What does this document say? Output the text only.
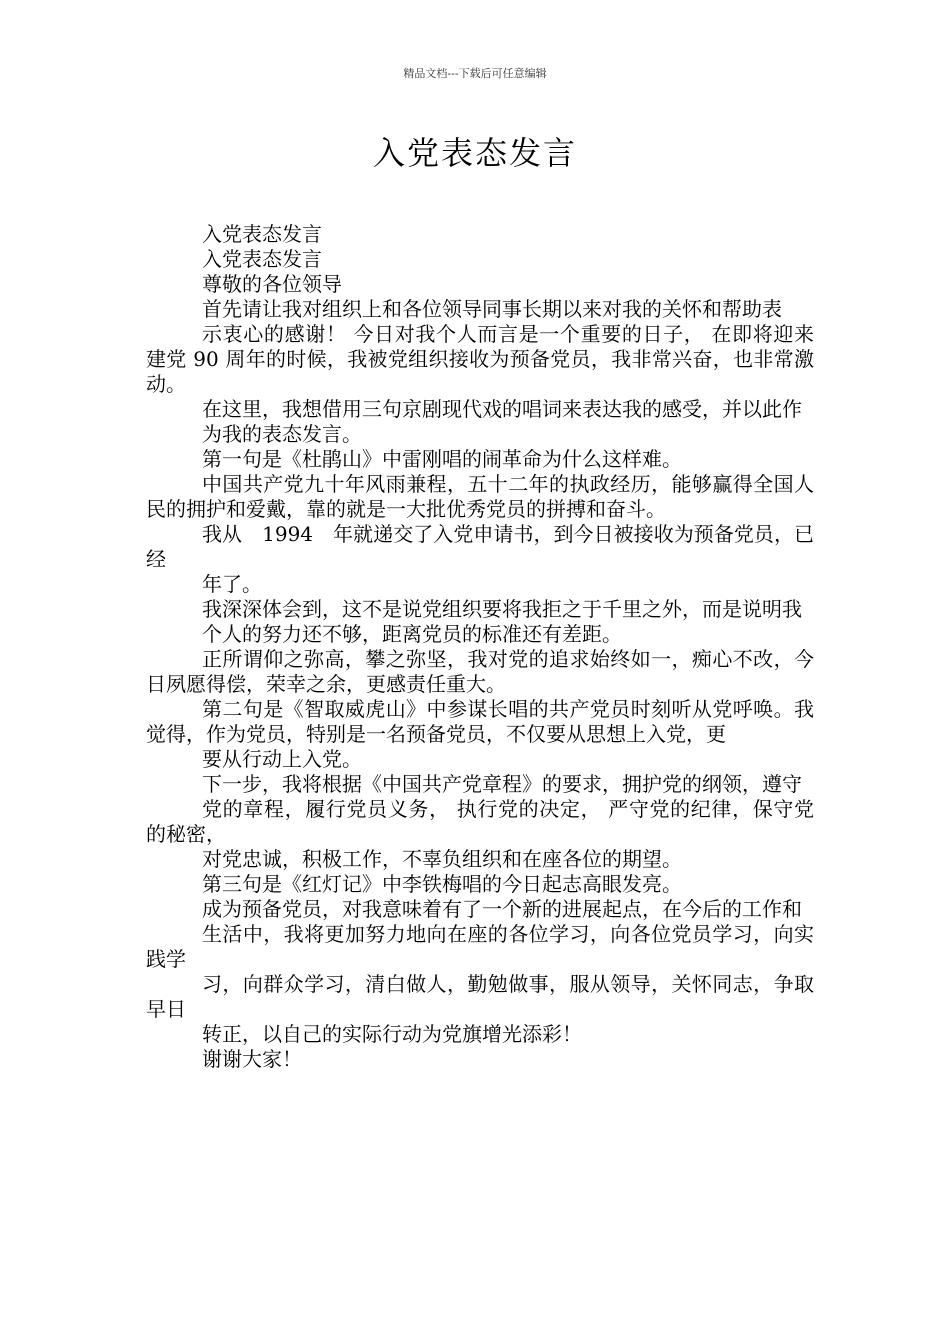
精品文档---下载后可任意编辑
入党表态发言

入党表态发言

入党表态发言

尊敬的各位领导

首先请让我对组织上和各位领导同事长期以来对我的关怀和帮助表

示衷心的感谢！ 今日对我个人而言是一个重要的日子， 在即将迎来建党 90 周年的时候，我被党组织接收为预备党员，我非常兴奋，也非常激动。

在这里，我想借用三句京剧现代戏的唱词来表达我的感受，并以此作

为我的表态发言。

第一句是《杜鹃山》中雷刚唱的闹革命为什么这样难。

中国共产党九十年风雨兼程，五十二年的执政经历，能够赢得全国人民的拥护和爱戴，靠的就是一大批优秀党员的拼搏和奋斗。

我从　1994　年就递交了入党申请书，到今日被接收为预备党员，已经

年了。

我深深体会到，这不是说党组织要将我拒之于千里之外，而是说明我

个人的努力还不够，距离党员的标准还有差距。

正所谓仰之弥高，攀之弥坚，我对党的追求始终如一，痴心不改，今日夙愿得偿，荣幸之余，更感责任重大。

第二句是《智取威虎山》中参谋长唱的共产党员时刻听从党呼唤。我觉得，作为党员，特别是一名预备党员，不仅要从思想上入党，更

要从行动上入党。

下一步，我将根据《中国共产党章程》的要求，拥护党的纲领，遵守

党的章程，履行党员义务， 执行党的决定， 严守党的纪律，保守党的秘密，

对党忠诚，积极工作，不辜负组织和在座各位的期望。

第三句是《红灯记》中李铁梅唱的今日起志高眼发亮。

成为预备党员，对我意味着有了一个新的进展起点，在今后的工作和

生活中，我将更加努力地向在座的各位学习，向各位党员学习，向实践学

习，向群众学习，清白做人，勤勉做事，服从领导，关怀同志，争取早日

转正，以自己的实际行动为党旗增光添彩！

谢谢大家！
